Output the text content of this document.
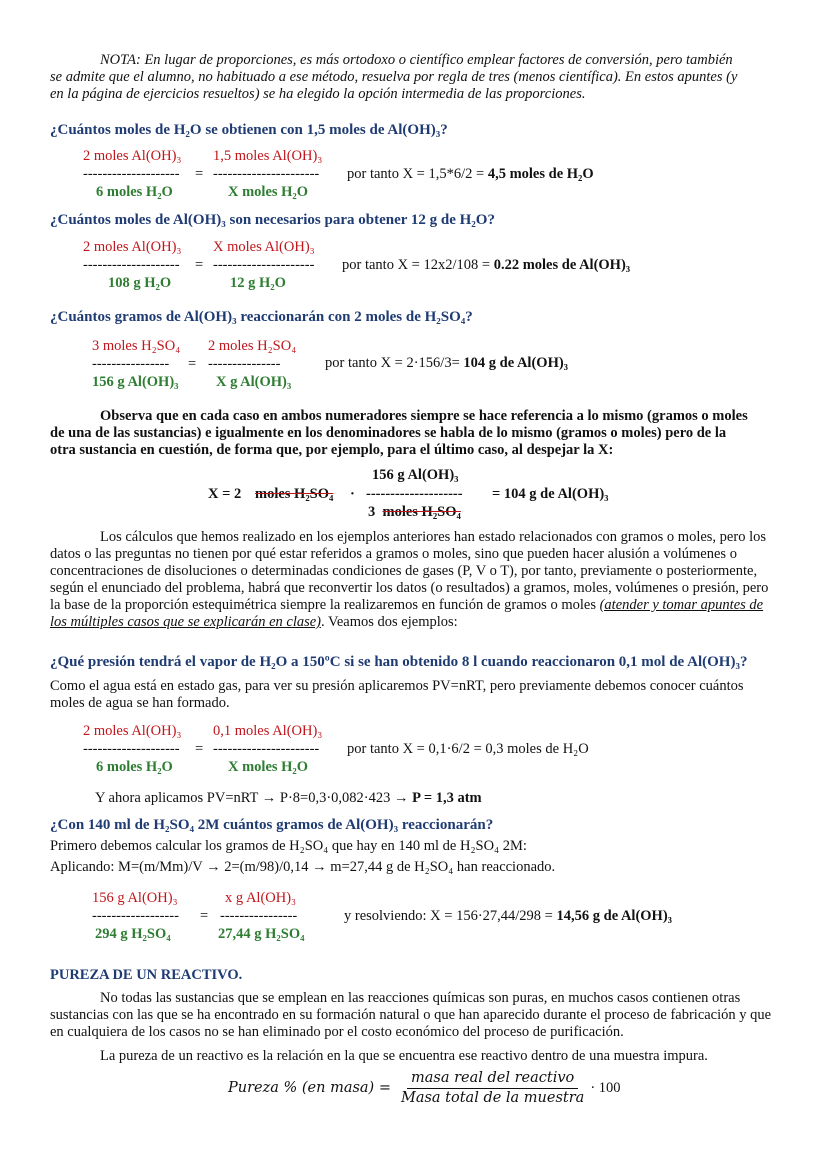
NOTA: En lugar de proporciones, es más ortodoxo o científico emplear factores de conversión, pero también
se admite que el alumno, no habituado a ese método, resuelva por regla de tres (menos científica). En estos apuntes (y
en la página de ejercicios resueltos) se ha elegido la opción intermedia de las proporciones.
¿Cuántos moles de H₂O se obtienen con 1,5 moles de Al(OH)₃?
2 moles Al(OH)₃ 1,5 moles Al(OH)₃
-------------------- = ----------------------
6 moles H₂O	X moles H₂O
por tanto X = 1,5*6/2 = 4,5 moles de H₂O
¿Cuántos moles de Al(OH)₃ son necesarios para obtener 12 g de H₂O?
2 moles Al(OH)₃ X moles Al(OH)₃
-------------------- = ---------------------
108 g H₂O	12 g H₂O
por tanto X = 12x2/108 = 0.22 moles de Al(OH)₃
¿Cuántos gramos de Al(OH)₃ reaccionarán con 2 moles de H₂SO₄?
3 moles H₂SO₄ 2 moles H₂SO₄
---------------- = ---------------
156 g Al(OH)₃	X g Al(OH)₃
por tanto X = 2·156/3= 104 g de Al(OH)₃
Observa que en cada caso en ambos numeradores siempre se hace referencia a lo mismo (gramos o moles
de una de las sustancias) e igualmente en los denominadores se habla de lo mismo (gramos o moles) pero de la
otra sustancia en cuestión, de forma que, por ejemplo, para el último caso, al despejar la X:
156 g Al(OH)₃
X = 2 moles H₂SO₄ · -------------------- = 104 g de Al(OH)₃
3 moles H₂SO₄
Los cálculos que hemos realizado en los ejemplos anteriores han estado relacionados con gramos o moles, pero los
datos o las preguntas no tienen por qué estar referidos a gramos o moles, sino que pueden hacer alusión a volúmenes o
concentraciones de disoluciones o determinadas condiciones de gases (P, V o T), por tanto, previamente o posteriormente,
según el enunciado del problema, habrá que reconvertir los datos (o resultados) a gramos, moles, volúmenes o presión, pero
la base de la proporción estequimétrica siempre la realizaremos en función de gramos o moles (atender y tomar apuntes de
los múltiples casos que se explicarán en clase). Veamos dos ejemplos:
¿Qué presión tendrá el vapor de H₂O a 150ºC si se han obtenido 8 l cuando reaccionaron 0,1 mol de Al(OH)₃?
Como el agua está en estado gas, para ver su presión aplicaremos PV=nRT, pero previamente debemos conocer cuántos
moles de agua se han formado.
2 moles Al(OH)₃ 0,1 moles Al(OH)₃
-------------------- = ----------------------
6 moles H₂O	X moles H₂O
por tanto X = 0,1·6/2 = 0,3 moles de H₂O
Y ahora aplicamos PV=nRT → P·8=0,3·0,082·423 → P = 1,3 atm
¿Con 140 ml de H₂SO₄ 2M cuántos gramos de Al(OH)₃ reaccionarán?
Primero debemos calcular los gramos de H₂SO₄ que hay en 140 ml de H₂SO₄ 2M:
Aplicando: M=(m/Mm)/V → 2=(m/98)/0,14 → m=27,44 g de H₂SO₄ han reaccionado.
156 g Al(OH)₃	x g Al(OH)₃
------------------ = ----------------
294 g H₂SO₄	27,44 g H₂SO₄
y resolviendo: X = 156·27,44/298 = 14,56 g de Al(OH)₃
PUREZA DE UN REACTIVO.
No todas las sustancias que se emplean en las reacciones químicas son puras, en muchos casos contienen otras
sustancias con las que se ha encontrado en su formación natural o que han aparecido durante el proceso de fabricación y que
en cualquiera de los casos no se han eliminado por el costo económico del proceso de purificación.
La pureza de un reactivo es la relación en la que se encuentra ese reactivo dentro de una muestra impura.
Pureza % (en masa) = $\frac{\text{masa real del reactivo}}{\text{Masa total de la muestra}} \cdot 100$
